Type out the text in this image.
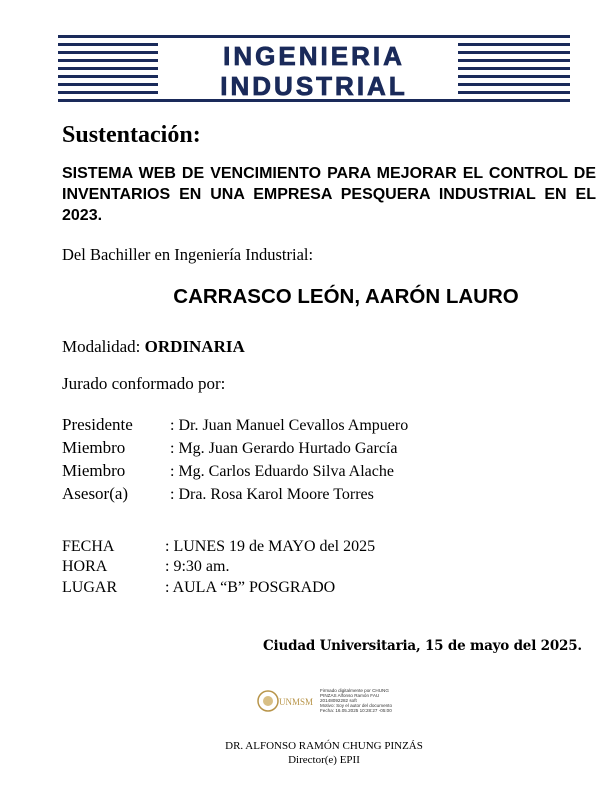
INGENIERIA
INDUSTRIAL
Sustentación:
SISTEMA WEB DE VENCIMIENTO PARA MEJORAR EL CONTROL DE INVENTARIOS EN UNA EMPRESA PESQUERA INDUSTRIAL EN EL 2023.
Del Bachiller en Ingeniería Industrial:
CARRASCO LEÓN, AARÓN LAURO
Modalidad: ORDINARIA
Jurado conformado por:
Presidente : Dr. Juan Manuel Cevallos Ampuero
Miembro	: Mg. Juan Gerardo Hurtado García
Miembro	: Mg. Carlos Eduardo Silva Alache
Asesor(a)	: Dra. Rosa Karol Moore Torres
FECHA	: LUNES 19 de MAYO del 2025
HORA	: 9:30 am.
LUGAR	: AULA “B” POSGRADO
Ciudad Universitaria, 15 de mayo del 2025.
UNMSM
Firmado digitalmente por CHUNG
PINZAS Alfonso Ramón FAU
20148092282 soft
Motivo: Soy el autor del documento
Fecha: 16.05.2025 10:28:27 -05:00
DR. ALFONSO RAMÓN CHUNG PINZÁS
Director(e) EPII
